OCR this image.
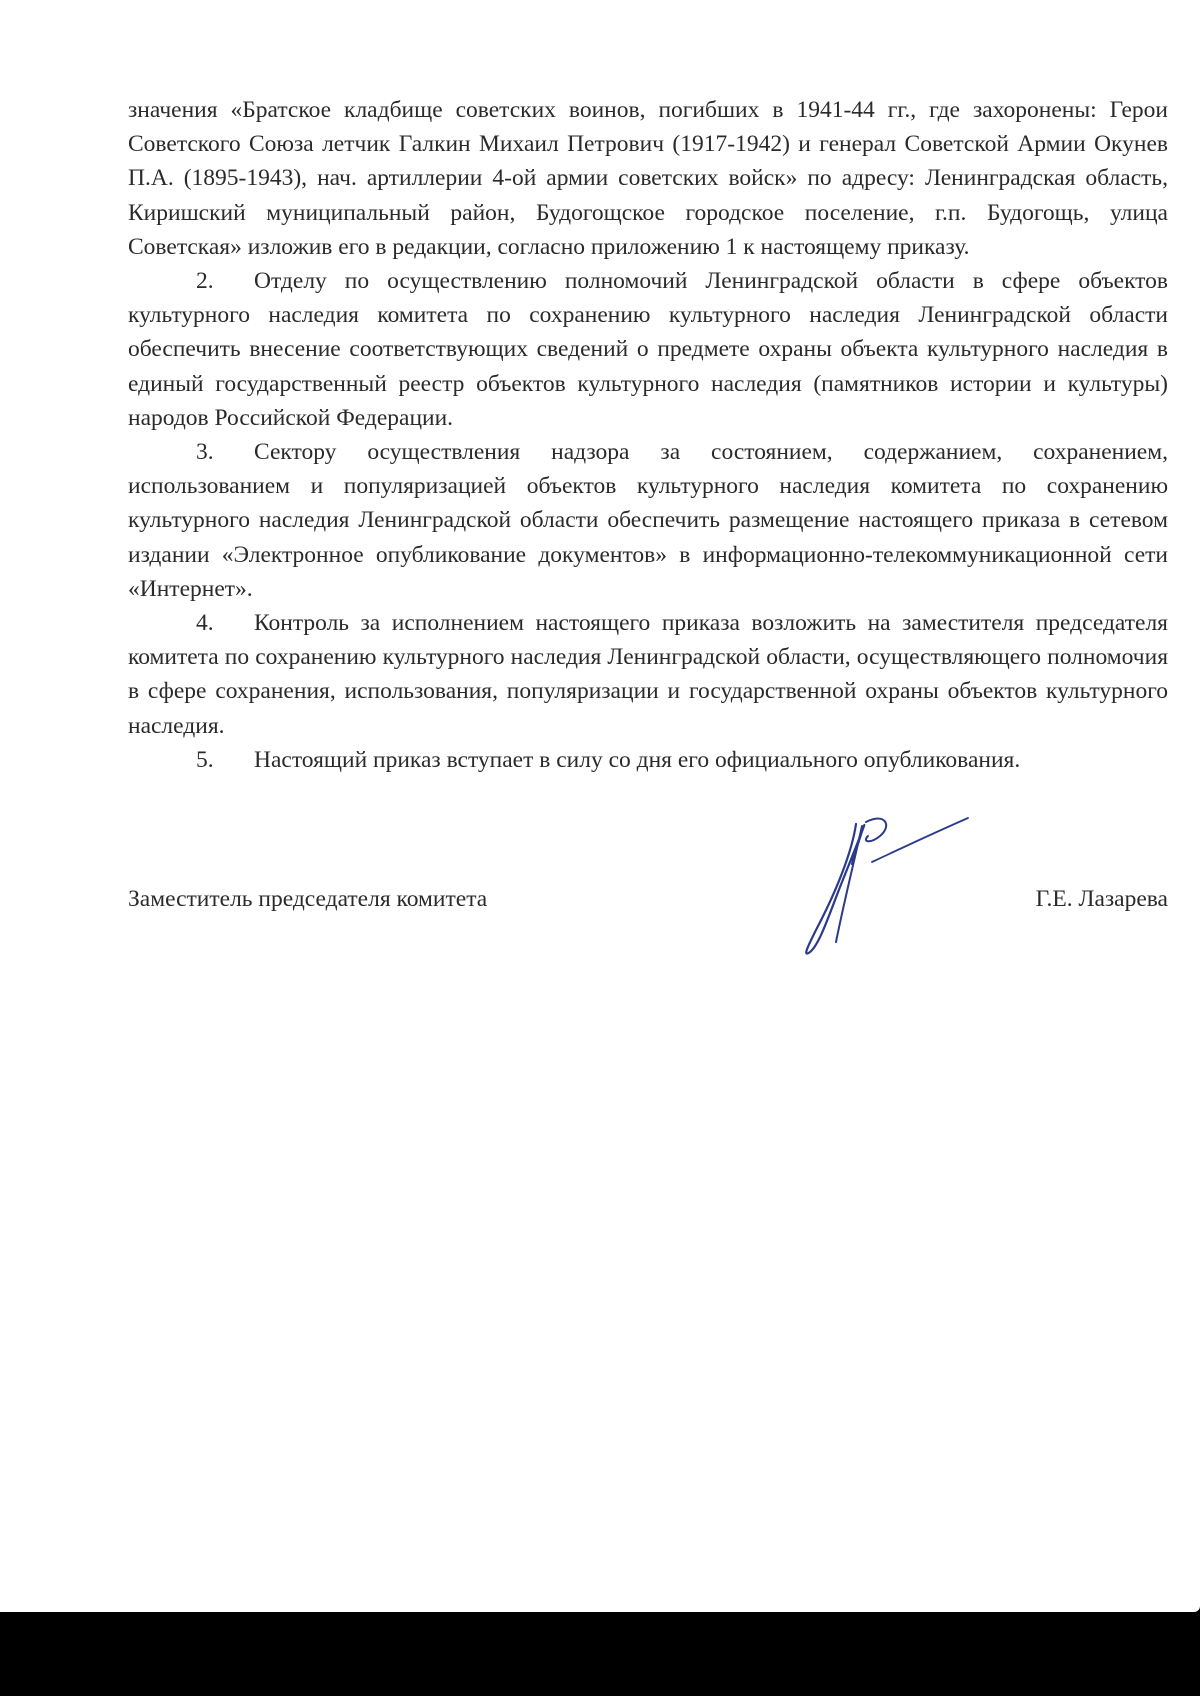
значения «Братское кладбище советских воинов, погибших в 1941-44 гг., где захоронены: Герои Советского Союза летчик Галкин Михаил Петрович (1917-1942) и генерал Советской Армии Окунев П.А. (1895-1943), нач. артиллерии 4-ой армии советских войск» по адресу: Ленинградская область, Киришский муниципальный район, Будогощское городское поселение, г.п. Будогощь, улица Советская» изложив его в редакции, согласно приложению 1 к настоящему приказу.

2. Отделу по осуществлению полномочий Ленинградской области в сфере объектов культурного наследия комитета по сохранению культурного наследия Ленинградской области обеспечить внесение соответствующих сведений о предмете охраны объекта культурного наследия в единый государственный реестр объектов культурного наследия (памятников истории и культуры) народов Российской Федерации.

3. Сектору осуществления надзора за состоянием, содержанием, сохранением, использованием и популяризацией объектов культурного наследия комитета по сохранению культурного наследия Ленинградской области обеспечить размещение настоящего приказа в сетевом издании «Электронное опубликование документов» в информационно-телекоммуникационной сети «Интернет».

4. Контроль за исполнением настоящего приказа возложить на заместителя председателя комитета по сохранению культурного наследия Ленинградской области, осуществляющего полномочия в сфере сохранения, использования, популяризации и государственной охраны объектов культурного наследия.

5. Настоящий приказ вступает в силу со дня его официального опубликования.

Заместитель председателя комитета	Г.Е. Лазарева
